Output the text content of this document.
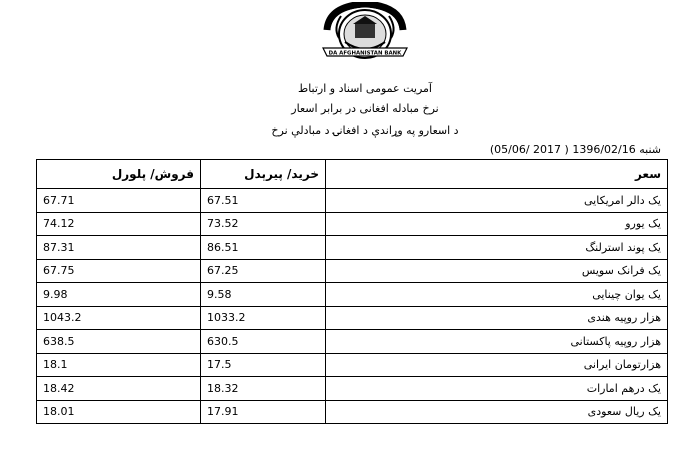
DA AFGHANISTAN BANK
آمریت عمومی اسناد و ارتباط
نرخ مبادله افغانی در برابر اسعار
د اسعارو په وړاندې د افغانۍ د مبادلې نرخ
شنبه 1396/02/16 ( 2017 /05/06)
فروش/ پلورل	خرید/ پیرېدل	سعر
67.71	67.51	یک دالر امریکایی
74.12	73.52	یک یورو
87.31	86.51	یک پوند استرلنگ
67.75	67.25	یک فرانک سویس
9.98	9.58	یک یوان چینایی
1043.2	1033.2	هزار روپیه هندی
638.5	630.5	هزار روپیه پاکستانی
18.1	17.5	هزارتومان ایرانی
18.42	18.32	یک درهم امارات
18.01	17.91	یک ریال سعودی
